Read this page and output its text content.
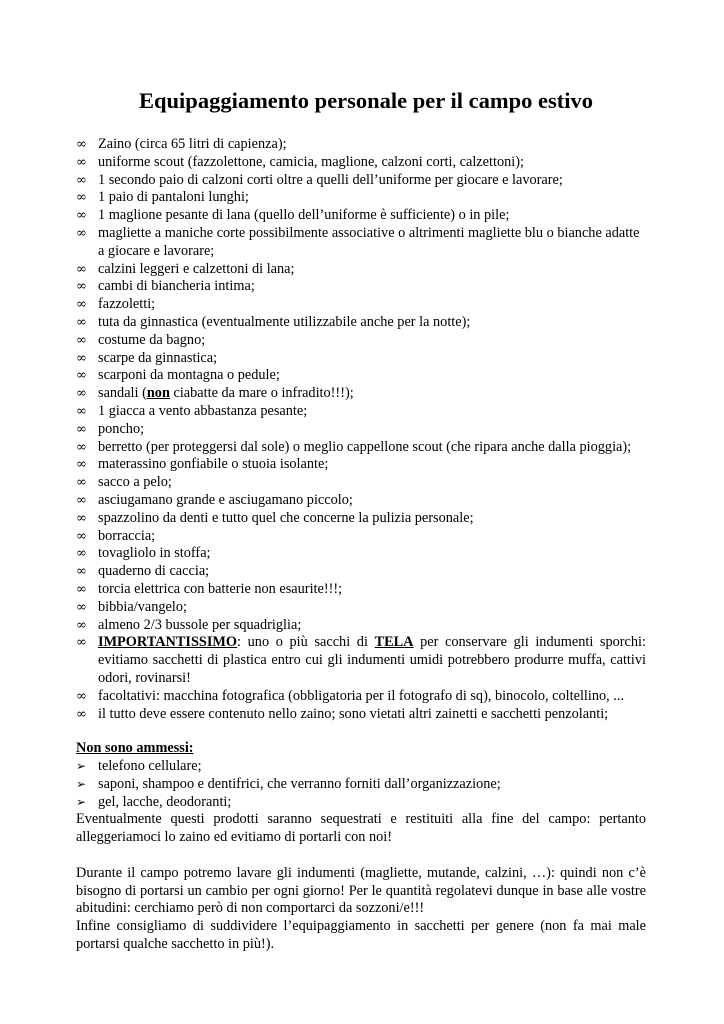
Equipaggiamento personale per il campo estivo
∞ Zaino (circa 65 litri di capienza);
∞ uniforme scout (fazzolettone, camicia, maglione, calzoni corti, calzettoni);
∞ 1 secondo paio di calzoni corti oltre a quelli dell’uniforme per giocare e lavorare;
∞ 1 paio di pantaloni lunghi;
∞ 1 maglione pesante di lana (quello dell’uniforme è sufficiente) o in pile;
∞ magliette a maniche corte possibilmente associative o altrimenti magliette blu o bianche adatte a giocare e lavorare;
∞ calzini leggeri e calzettoni di lana;
∞ cambi di biancheria intima;
∞ fazzoletti;
∞ tuta da ginnastica (eventualmente utilizzabile anche per la notte);
∞ costume da bagno;
∞ scarpe da ginnastica;
∞ scarponi da montagna o pedule;
∞ sandali (non ciabatte da mare o infradito!!!);
∞ 1 giacca a vento abbastanza pesante;
∞ poncho;
∞ berretto (per proteggersi dal sole) o meglio cappellone scout (che ripara anche dalla pioggia);
∞ materassino gonfiabile o stuoia isolante;
∞ sacco a pelo;
∞ asciugamano grande e asciugamano piccolo;
∞ spazzolino da denti e tutto quel che concerne la pulizia personale;
∞ borraccia;
∞ tovagliolo in stoffa;
∞ quaderno di caccia;
∞ torcia elettrica con batterie non esaurite!!!;
∞ bibbia/vangelo;
∞ almeno 2/3 bussole per squadriglia;
∞ IMPORTANTISSIMO: uno o più sacchi di TELA per conservare gli indumenti sporchi: evitiamo sacchetti di plastica entro cui gli indumenti umidi potrebbero produrre muffa, cattivi odori, rovinarsi!
∞ facoltativi: macchina fotografica (obbligatoria per il fotografo di sq), binocolo, coltellino, ...
∞ il tutto deve essere contenuto nello zaino; sono vietati altri zainetti e sacchetti penzolanti;
Non sono ammessi:
➢ telefono cellulare;
➢ saponi, shampoo e dentifrici, che verranno forniti dall’organizzazione;
➢ gel, lacche, deodoranti;

Eventualmente questi prodotti saranno sequestrati e restituiti alla fine del campo: pertanto alleggeriamoci lo zaino ed evitiamo di portarli con noi!

Durante il campo potremo lavare gli indumenti (magliette, mutande, calzini, …): quindi non c’è bisogno di portarsi un cambio per ogni giorno! Per le quantità regolatevi dunque in base alle vostre abitudini: cerchiamo però di non comportarci da sozzoni/e!!!

Infine consigliamo di suddividere l’equipaggiamento in sacchetti per genere (non fa mai male portarsi qualche sacchetto in più!).
